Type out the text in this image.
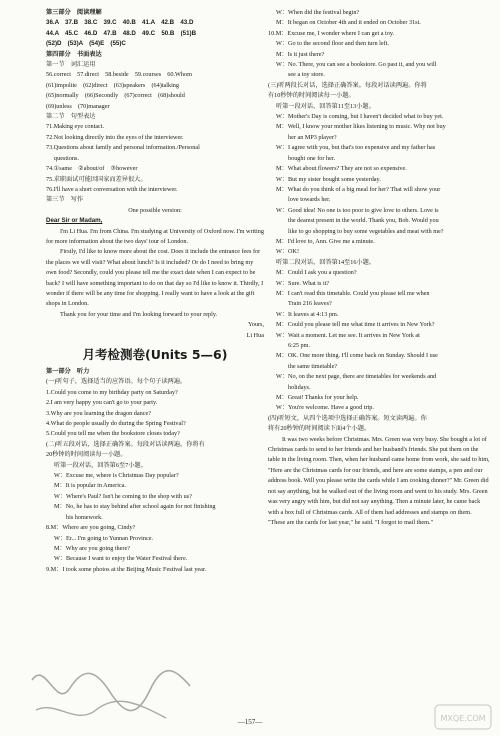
第三部分　阅读理解

36.A　37.B　38.C　39.C　40.B　41.A　42.B　43.D

44.A　45.C　46.D　47.B　48.D　49.C　50.B　(51)B

(52)D　(53)A　(54)E　(55)C

第四部分　书面表达

第一节　词汇运用

56.correct　57.direct　58.beside　59.courses　60.Whom

(61)impolite　(62)direct　(63)speakers　(64)talking

(65)normally　(66)Secondly　(67)correct　(68)should

(69)unless　(70)manager

第二节　句型表达

71.Making eye contact.

72.Not looking directly into the eyes of the interviewer.

73.Questions about family and personal information./Personal

questions.

74.①same　②about/of　③however

75.求职面试可能因国家而差异很大。

76.I'll have a short conversation with the interviewer.

第三节　写作

One possible version:

Dear Sir or Madam,

I'm Li Hua. I'm from China. I'm studying at University of Oxford now. I'm writing for more information about the two days' tour of London.

Firstly, I'd like to know more about the cost. Does it include the entrance fees for the places we will visit? What about lunch? Is it included? Or do I need to bring my own food? Secondly, could you please tell me the exact date when I can expect to be back? I will have something important to do on that day so I'd like to know it. Thirdly, I wonder if there will be any time for shopping. I really want to have a look at the gift shops in London.

Thank you for your time and I'm looking forward to your reply.

Yours,

Li Hua

月考检测卷(Units 5—6)

第一部分　听力

(一)听句子，选择适当的应答语。每个句子读两遍。

1.Could you come to my birthday party on Saturday?

2.I am very happy you can't go to your party.

3.Why are you learning the dragon dance?

4.What do people usually do during the Spring Festival?

5.Could you tell me when the bookstore closes today?

(二)听五段对话，选择正确答案。每段对话读两遍。你将有

20秒钟的时间阅读每一小题。

听第一段对话，回答第6至7小题。

W：Excuse me, where is Christmas Day popular?

M：It is popular in America.

W：Where's Paul? Isn't he coming to the shop with us?

M：No, he has to stay behind after school again for not finishing

his homework.

8.M：Where are you going, Cindy?

W：Er... I'm going to Yunnan Province.

M：Why are you going there?

W：Because I want to enjoy the Water Festival there.

9.M：I took some photos at the Beijing Music Festival last year.

W：When did the festival begin?

M：It began on October 4th and it ended on October 31st.

10.M：Excuse me, I wonder where I can get a toy.

W：Go to the second floor and then turn left.

M：Is it just there?

W：No. There, you can see a bookstore. Go past it, and you will

see a toy store.

(三)听两段长对话，选择正确答案。每段对话读两遍。你将

有10秒钟的时间阅读每一小题。

听第一段对话，回答第11至13小题。

W：Mother's Day is coming, but I haven't decided what to buy yet.

M：Well, I know your mother likes listening to music. Why not buy

her an MP3 player?

W：I agree with you, but that's too expensive and my father has

bought one for her.

M：What about flowers? They are not so expensive.

W：But my sister bought some yesterday.

M：What do you think of a big meal for her? That will show your

love towards her.

W：Good idea! No one is too poor to give love to others. Love is

the dearest present in the world. Thank you, Bob. Would you

like to go shopping to buy some vegetables and meat with me?

M：I'd love to, Ann. Give me a minute.

W：OK!

听第二段对话，回答第14至16小题。

M：Could I ask you a question?

W：Sure. What is it?

M：I can't read this timetable. Could you please tell me when

Train 216 leaves?

W：It leaves at 4:13 pm.

M：Could you please tell me what time it arrives in New York?

W：Wait a moment. Let me see. It arrives in New York at

6:25 pm.

M：OK. One more thing. I'll come back on Sunday. Should I use

the same timetable?

W：No, on the next page, there are timetables for weekends and

holidays.

M：Great! Thanks for your help.

W：You're welcome. Have a good trip.

(四)听短文，从四个选项中选择正确答案。短文读两遍。你

将有20秒钟的时间阅读下面4个小题。

It was two weeks before Christmas. Mrs. Green was very busy. She bought a lot of Christmas cards to send to her friends and her husband's friends. She put them on the table in the living room. Then, when her husband came home from work, she said to him, "Here are the Christmas cards for our friends, and here are some stamps, a pen and our address book. Will you please write the cards while I am cooking dinner?" Mr. Green did not say anything, but he walked out of the living room and went to his study. Mrs. Green was very angry with him, but did not say anything. Then a minute later, he came back with a box full of Christmas cards. All of them had addresses and stamps on them. "These are the cards for last year," he said. "I forgot to mail them."

—157—	MXQE.COM
